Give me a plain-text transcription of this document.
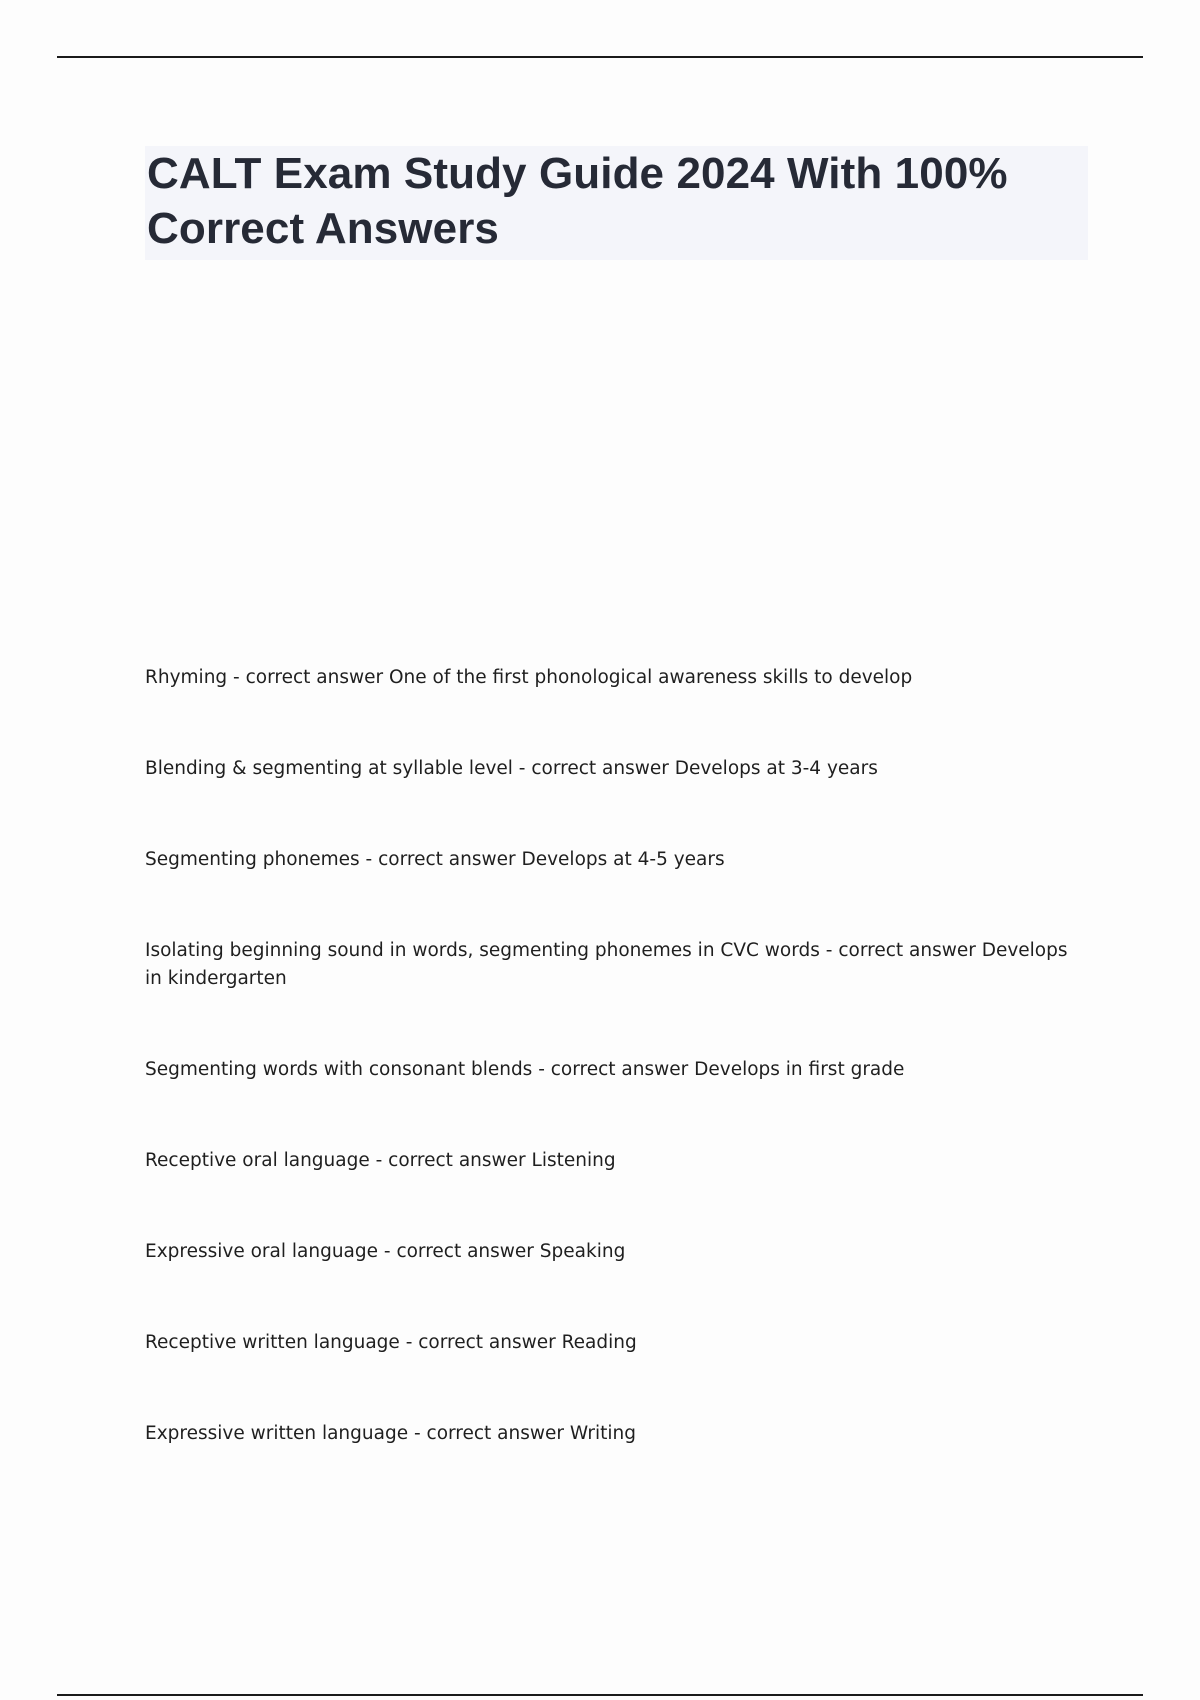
CALT Exam Study Guide 2024 With 100% Correct Answers
Rhyming - correct answer One of the first phonological awareness skills to develop
Blending & segmenting at syllable level - correct answer Develops at 3-4 years
Segmenting phonemes - correct answer Develops at 4-5 years
Isolating beginning sound in words, segmenting phonemes in CVC words - correct answer Develops in kindergarten
Segmenting words with consonant blends - correct answer Develops in first grade
Receptive oral language - correct answer Listening
Expressive oral language - correct answer Speaking
Receptive written language - correct answer Reading
Expressive written language - correct answer Writing
